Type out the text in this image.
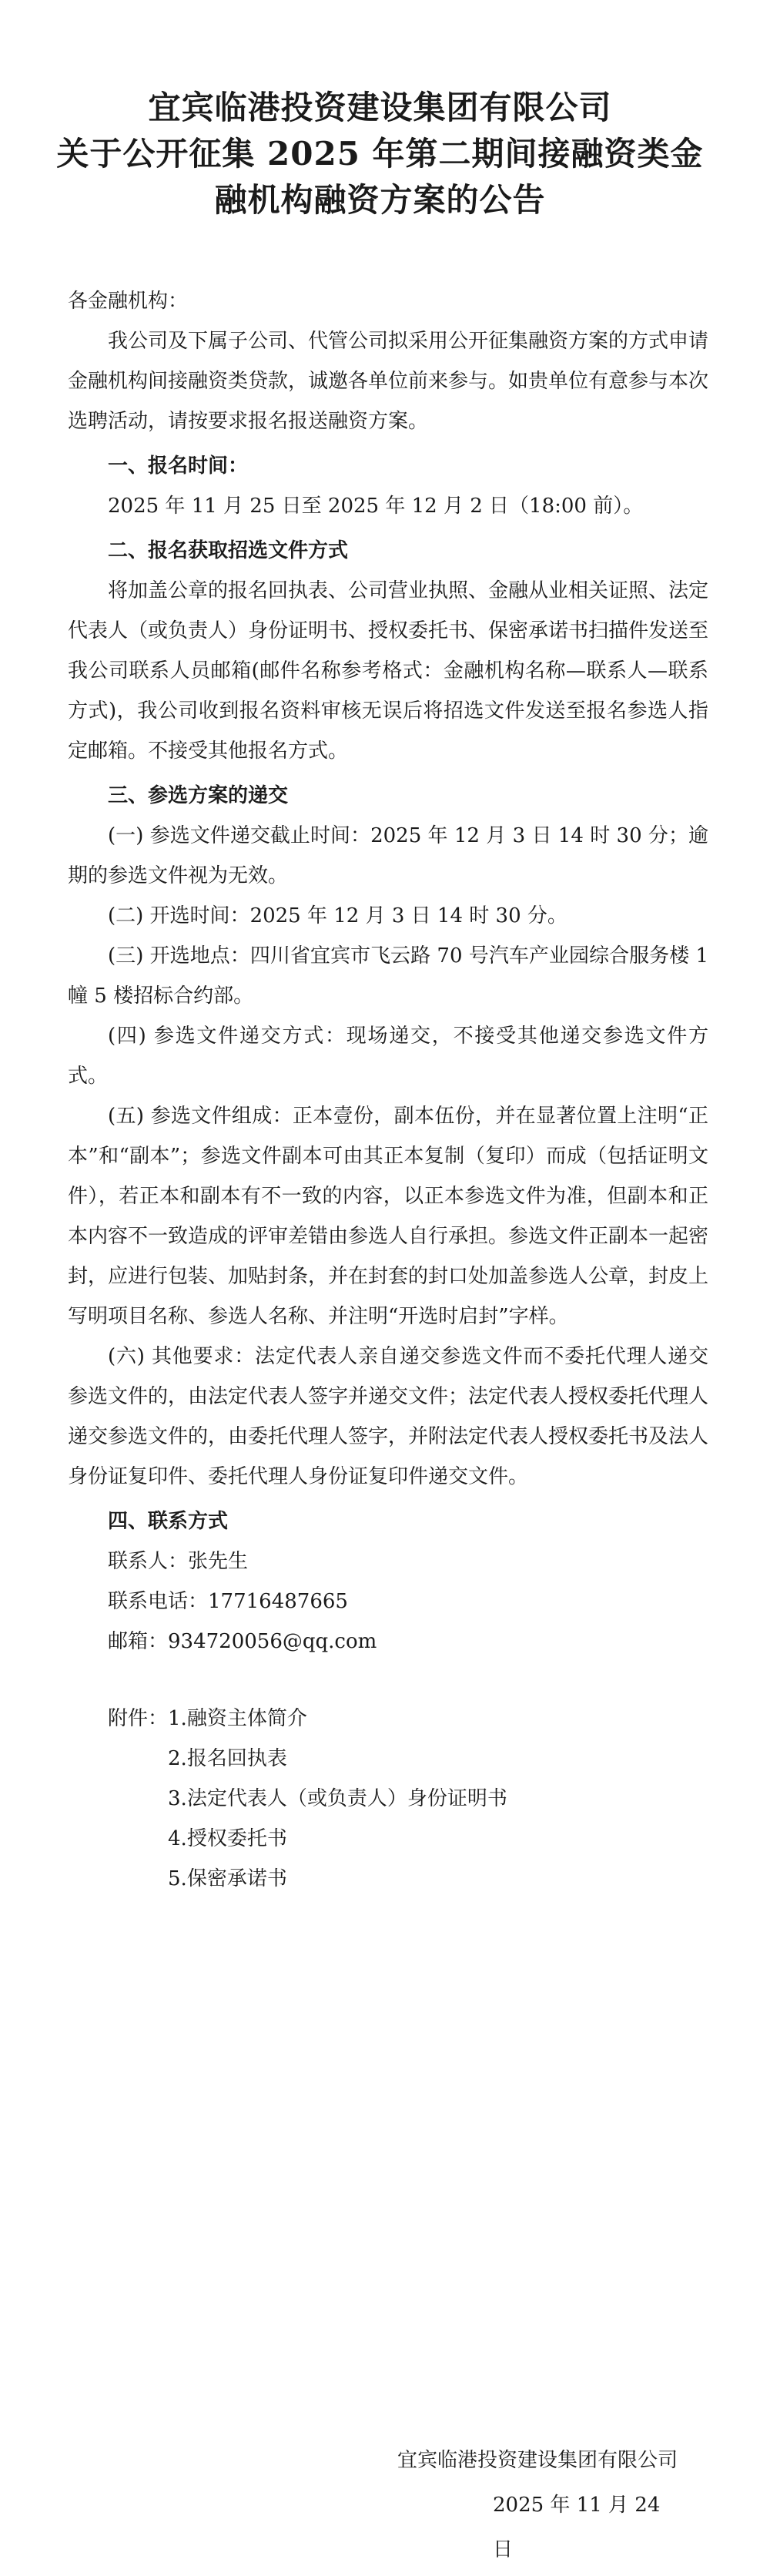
宜宾临港投资建设集团有限公司
关于公开征集 2025 年第二期间接融资类金
融机构融资方案的公告

各金融机构：

我公司及下属子公司、代管公司拟采用公开征集融资方案的方式申请金融机构间接融资类贷款，诚邀各单位前来参与。如贵单位有意参与本次选聘活动，请按要求报名报送融资方案。

一、报名时间：

2025 年 11 月 25 日至 2025 年 12 月 2 日（18:00 前）。

二、报名获取招选文件方式

将加盖公章的报名回执表、公司营业执照、金融从业相关证照、法定代表人（或负责人）身份证明书、授权委托书、保密承诺书扫描件发送至我公司联系人员邮箱(邮件名称参考格式：金融机构名称—联系人—联系方式)，我公司收到报名资料审核无误后将招选文件发送至报名参选人指定邮箱。不接受其他报名方式。

三、参选方案的递交

(一) 参选文件递交截止时间：2025 年 12 月 3 日 14 时 30 分；逾期的参选文件视为无效。

(二) 开选时间：2025 年 12 月 3 日 14 时 30 分。

(三) 开选地点：四川省宜宾市飞云路 70 号汽车产业园综合服务楼 1 幢 5 楼招标合约部。

(四) 参选文件递交方式：现场递交，不接受其他递交参选文件方式。

(五) 参选文件组成：正本壹份，副本伍份，并在显著位置上注明“正本”和“副本”；参选文件副本可由其正本复制（复印）而成（包括证明文件），若正本和副本有不一致的内容，以正本参选文件为准，但副本和正本内容不一致造成的评审差错由参选人自行承担。参选文件正副本一起密封，应进行包装、加贴封条，并在封套的封口处加盖参选人公章，封皮上写明项目名称、参选人名称、并注明“开选时启封”字样。

(六) 其他要求：法定代表人亲自递交参选文件而不委托代理人递交参选文件的，由法定代表人签字并递交文件；法定代表人授权委托代理人递交参选文件的，由委托代理人签字，并附法定代表人授权委托书及法人身份证复印件、委托代理人身份证复印件递交文件。

四、联系方式

联系人：张先生

联系电话：17716487665

邮箱：934720056@qq.com

附件： 1.融资主体简介

2.报名回执表

3.法定代表人（或负责人）身份证明书

4.授权委托书

5.保密承诺书

宜宾临港投资建设集团有限公司
2025 年 11 月 24 日
